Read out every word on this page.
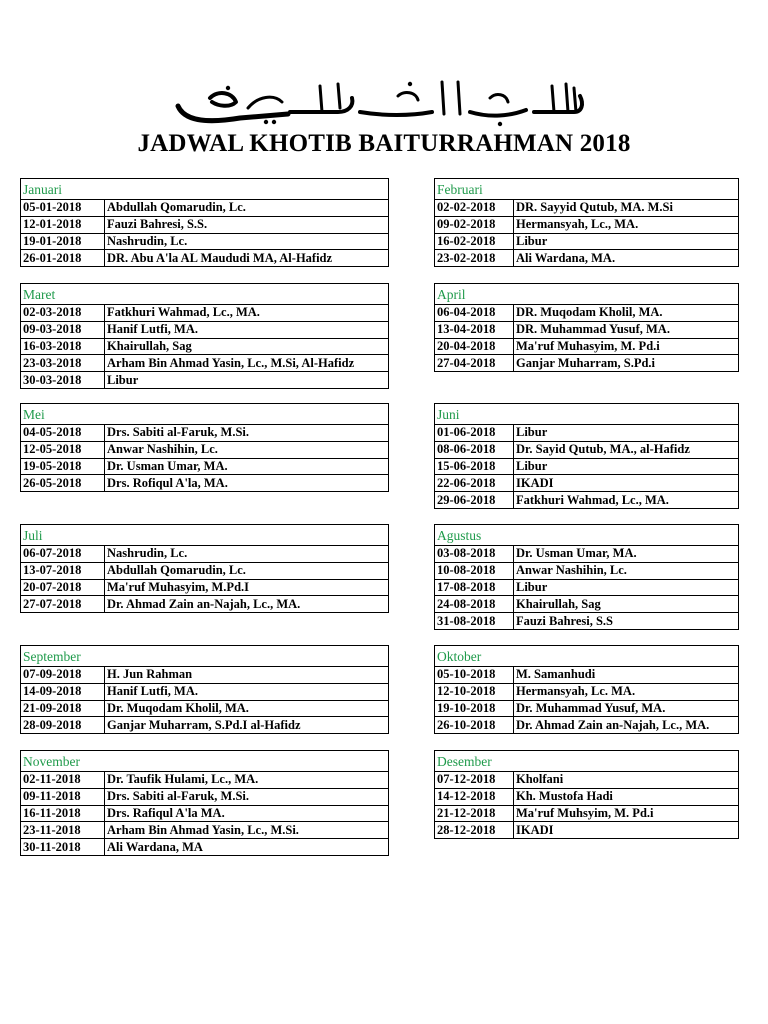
JADWAL KHOTIB BAITURRAHMAN 2018
Januari	
05-01-2018	Abdullah Qomarudin, Lc.
12-01-2018	Fauzi Bahresi, S.S.
19-01-2018	Nashrudin, Lc.
26-01-2018	DR. Abu A'la AL Maududi MA, Al-Hafidz
Februari	
02-02-2018	DR. Sayyid Qutub, MA. M.Si
09-02-2018	Hermansyah, Lc., MA.
16-02-2018	Libur
23-02-2018	Ali Wardana, MA.
Maret	
02-03-2018	Fatkhuri Wahmad, Lc., MA.
09-03-2018	Hanif Lutfi, MA.
16-03-2018	Khairullah, Sag
23-03-2018	Arham Bin Ahmad Yasin, Lc., M.Si, Al-Hafidz
30-03-2018	Libur
April	
06-04-2018	DR. Muqodam Kholil, MA.
13-04-2018	DR. Muhammad Yusuf, MA.
20-04-2018	Ma'ruf Muhasyim, M. Pd.i
27-04-2018	Ganjar Muharram, S.Pd.i
Mei	
04-05-2018	Drs. Sabiti al-Faruk, M.Si.
12-05-2018	Anwar Nashihin, Lc.
19-05-2018	Dr. Usman Umar, MA.
26-05-2018	Drs. Rofiqul A'la, MA.
Juni	
01-06-2018	Libur
08-06-2018	Dr. Sayid Qutub, MA., al-Hafidz
15-06-2018	Libur
22-06-2018	IKADI
29-06-2018	Fatkhuri Wahmad, Lc., MA.
Juli	
06-07-2018	Nashrudin, Lc.
13-07-2018	Abdullah Qomarudin, Lc.
20-07-2018	Ma'ruf Muhasyim, M.Pd.I
27-07-2018	Dr. Ahmad Zain an-Najah, Lc., MA.
Agustus	
03-08-2018	Dr. Usman Umar, MA.
10-08-2018	Anwar Nashihin, Lc.
17-08-2018	Libur
24-08-2018	Khairullah, Sag
31-08-2018	Fauzi Bahresi, S.S
September	
07-09-2018	H. Jun Rahman
14-09-2018	Hanif Lutfi, MA.
21-09-2018	Dr. Muqodam Kholil, MA.
28-09-2018	Ganjar Muharram, S.Pd.I al-Hafidz
Oktober	
05-10-2018	M. Samanhudi
12-10-2018	Hermansyah, Lc. MA.
19-10-2018	Dr. Muhammad Yusuf, MA.
26-10-2018	Dr. Ahmad Zain an-Najah, Lc., MA.
November	
02-11-2018	Dr. Taufik Hulami, Lc., MA.
09-11-2018	Drs. Sabiti al-Faruk, M.Si.
16-11-2018	Drs. Rafiqul A'la MA.
23-11-2018	Arham Bin Ahmad Yasin, Lc., M.Si.
30-11-2018	Ali Wardana, MA
Desember	
07-12-2018	Kholfani
14-12-2018	Kh. Mustofa Hadi
21-12-2018	Ma'ruf Muhsyim, M. Pd.i
28-12-2018	IKADI
